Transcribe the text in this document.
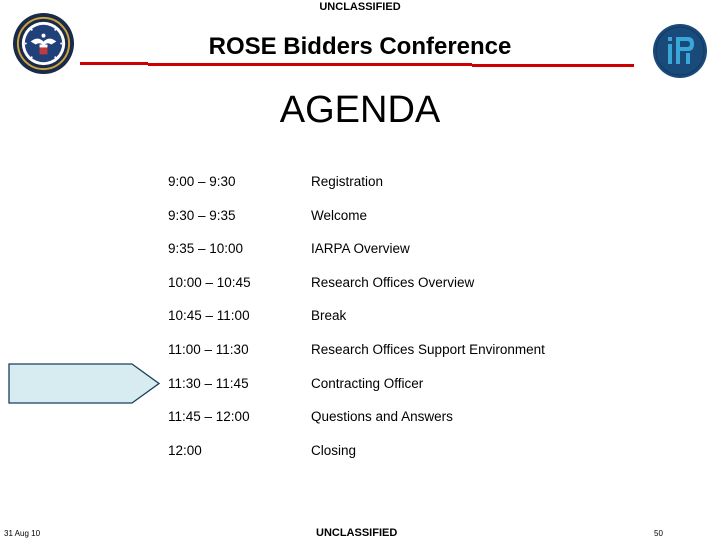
UNCLASSIFIED
ROSE Bidders Conference
AGENDA
9:00 – 9:30	Registration
9:30 – 9:35	Welcome
9:35 – 10:00	IARPA Overview
10:00 – 10:45	Research Offices Overview
10:45 – 11:00	Break
11:00 – 11:30	Research Offices Support Environment
11:30 – 11:45	Contracting Officer
11:45 – 12:00	Questions and Answers
12:00	Closing
31 Aug 10	UNCLASSIFIED	50
